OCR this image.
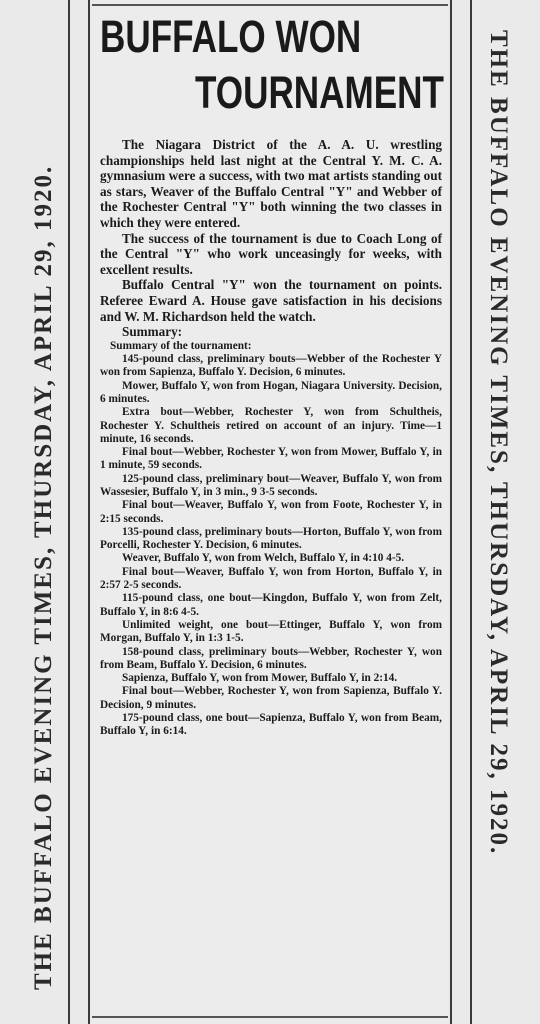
THE BUFFALO EVENING TIMES, THURSDAY, APRIL 29, 1920.	THE BUFFALO EVENING TIMES, THURSDAY, APRIL 29, 1920.
BUFFALO WON
TOURNAMENT

The Niagara District of the A. A. U. wrestling championships held last night at the Central Y. M. C. A. gymnasium were a success, with two mat artists standing out as stars, Weaver of the Buffalo Central "Y" and Webber of the Rochester Central "Y" both winning the two classes in which they were entered.

The success of the tournament is due to Coach Long of the Central "Y" who work unceasingly for weeks, with excellent results.

Buffalo Central "Y" won the tournament on points. Referee Eward A. House gave satisfaction in his decisions and W. M. Richardson held the watch.

Summary:

Summary of the tournament:

145-pound class, preliminary bouts—Webber of the Rochester Y won from Sapienza, Buffalo Y. Decision, 6 minutes.

Mower, Buffalo Y, won from Hogan, Niagara University. Decision, 6 minutes.

Extra bout—Webber, Rochester Y, won from Schultheis, Rochester Y. Schultheis retired on account of an injury. Time—1 minute, 16 seconds.

Final bout—Webber, Rochester Y, won from Mower, Buffalo Y, in 1 minute, 59 seconds.

125-pound class, preliminary bout—Weaver, Buffalo Y, won from Wassesier, Buffalo Y, in 3 min., 9 3-5 seconds.

Final bout—Weaver, Buffalo Y, won from Foote, Rochester Y, in 2:15 seconds.

135-pound class, preliminary bouts—Horton, Buffalo Y, won from Porcelli, Rochester Y. Decision, 6 minutes.

Weaver, Buffalo Y, won from Welch, Buffalo Y, in 4:10 4-5.

Final bout—Weaver, Buffalo Y, won from Horton, Buffalo Y, in 2:57 2-5 seconds.

115-pound class, one bout—Kingdon, Buffalo Y, won from Zelt, Buffalo Y, in 8:6 4-5.

Unlimited weight, one bout—Ettinger, Buffalo Y, won from Morgan, Buffalo Y, in 1:3 1-5.

158-pound class, preliminary bouts—Webber, Rochester Y, won from Beam, Buffalo Y. Decision, 6 minutes.

Sapienza, Buffalo Y, won from Mower, Buffalo Y, in 2:14.

Final bout—Webber, Rochester Y, won from Sapienza, Buffalo Y. Decision, 9 minutes.

175-pound class, one bout—Sapienza, Buffalo Y, won from Beam, Buffalo Y, in 6:14.
